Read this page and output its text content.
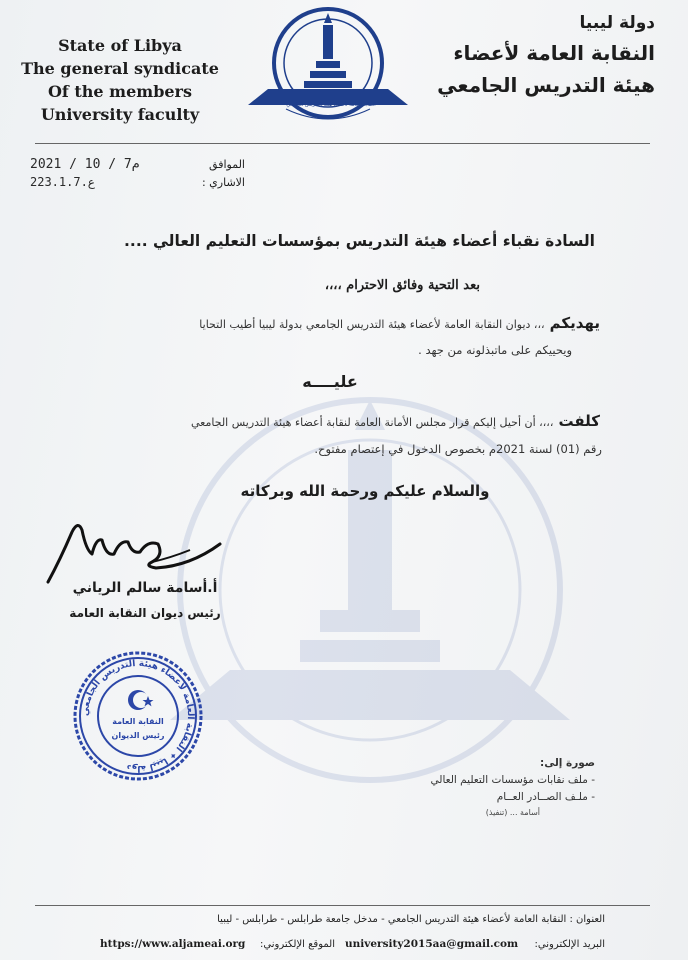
State of Libya
The general syndicate
Of the members
University faculty	النقابة العامة لأعضاء هيئة التدريس الجامعي
دولة ليبيا
النقابة العامة لأعضاء
هيئة التدريس الجامعي
2021 / 10 / 7م	الموافق
223.1.7.ع	الاشاري :
السادة نقباء أعضاء هيئة التدريس بمؤسسات التعليم العالي ....
بعد التحية وفائق الاحترام ،،،،
يهديكم ،،، ديوان النقابة العامة لأعضاء هيئة التدريس الجامعي بدولة ليبيا أطيب التحايا
ويحييكم على ماتبذلونه من جهد .
عليــــه
كلفت ،،،، أن أحيل إليكم قرار مجلس الأمانة العامة لنقابة أعضاء هيئة التدريس الجامعي
رقم (01) لسنة 2021م بخصوص الدخول في إعتصام مفتوح.
والسلام عليكم ورحمة الله وبركاته
أ.أسامة سالم الرياني
رئيس ديوان النقابة العامة
دولة ليبيا ✦ النقابة العامة لأعضاء هيئة التدريس الجامعي
النقابة العامة
رئيس الديوان
صورة إلى:
- ملف نقابات مؤسسات التعليم العالي
- ملـف الصــادر العــام
أسامة ... (تنفيذ)
العنوان : النقابة العامة لأعضاء هيئة التدريس الجامعي - مدخل جامعة طرابلس - طرابلس - ليبيا
university2015aa@gmail.com البريد الإلكتروني:
https://www.aljameai.org الموقع الإلكتروني:
